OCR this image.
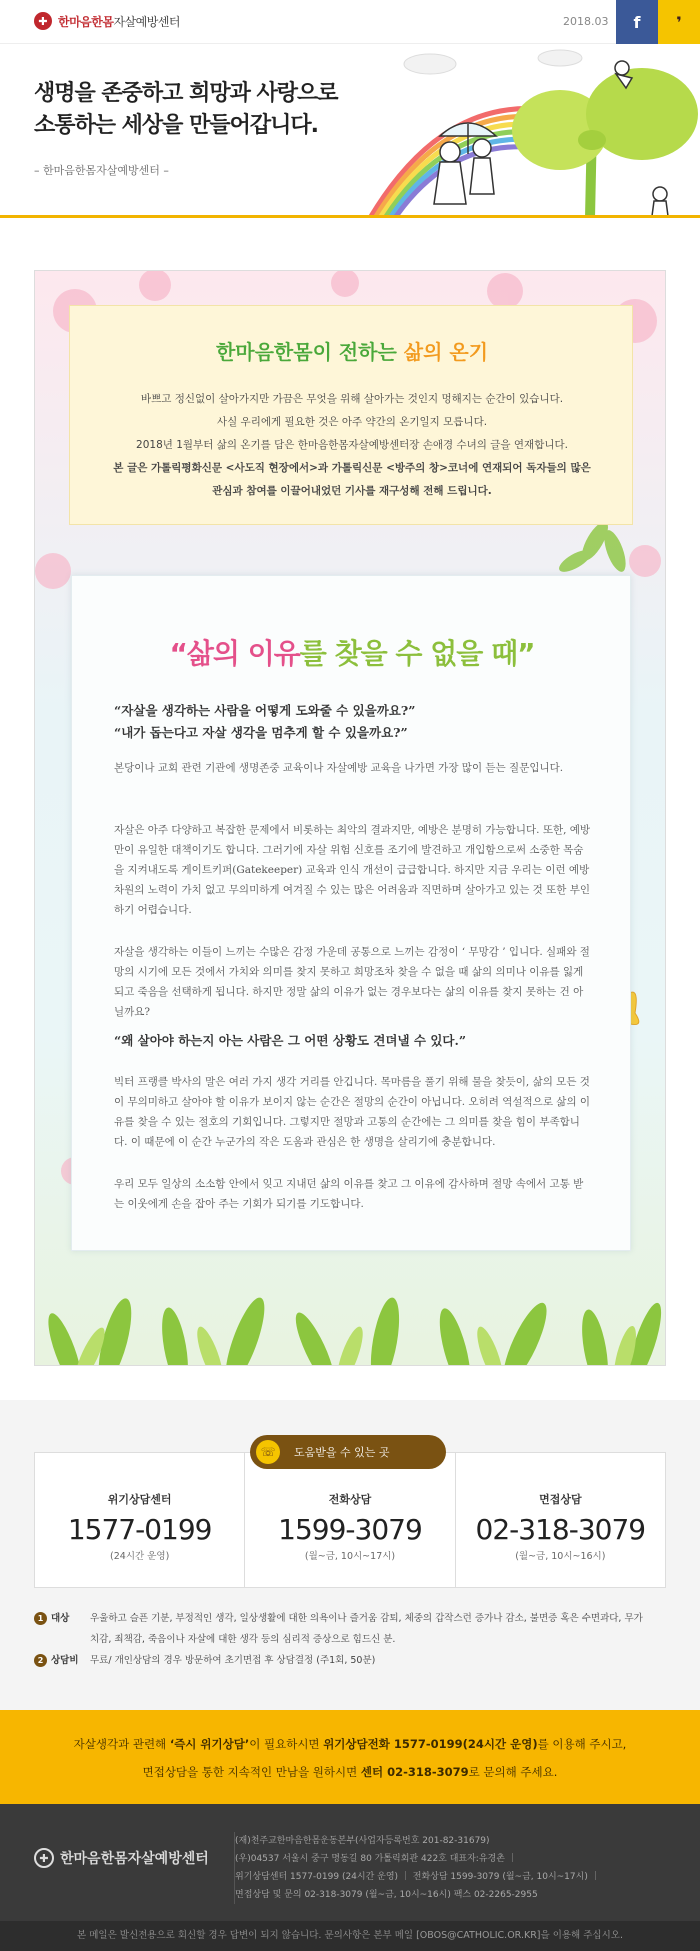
✚ 한마음한몸자살예방센터	2018.03 f ❜
생명을 존중하고 희망과 사랑으로
소통하는 세상을 만들어갑니다.
– 한마음한몸자살예방센터 –
한마음한몸이 전하는 삶의 온기
바쁘고 정신없이 살아가지만 가끔은 무엇을 위해 살아가는 것인지 멍해지는 순간이 있습니다.
사실 우리에게 필요한 것은 아주 약간의 온기일지 모릅니다.
2018년 1월부터 삶의 온기를 담은 한마음한몸자살예방센터장 손애경 수녀의 글을 연재합니다.
본 글은 가톨릭평화신문 <사도직 현장에서>과 가톨릭신문 <방주의 창>코너에 연재되어 독자들의 많은
관심과 참여를 이끌어내었던 기사를 재구성해 전해 드립니다.
“삶의 이유를 찾을 수 없을 때”
“자살을 생각하는 사람을 어떻게 도와줄 수 있을까요?”
“내가 돕는다고 자살 생각을 멈추게 할 수 있을까요?”
본당이나 교회 관련 기관에 생명존중 교육이나 자살예방 교육을 나가면 가장 많이 듣는 질문입니다.
자살은 아주 다양하고 복잡한 문제에서 비롯하는 최악의 결과지만, 예방은 분명히 가능합니다. 또한, 예방만이 유일한 대책이기도 합니다. 그러기에 자살 위험 신호를 조기에 발견하고 개입함으로써 소중한 목숨을 지켜내도록 게이트키퍼(Gatekeeper) 교육과 인식 개선이 급급합니다. 하지만 지금 우리는 이런 예방 차원의 노력이 가치 없고 무의미하게 여겨질 수 있는 많은 어려움과 직면하며 살아가고 있는 것 또한 부인하기 어렵습니다.
자살을 생각하는 이들이 느끼는 수많은 감정 가운데 공통으로 느끼는 감정이 ‘ 무망감 ’ 입니다. 실패와 절망의 시기에 모든 것에서 가치와 의미를 찾지 못하고 희망조차 찾을 수 없을 때 삶의 의미나 이유를 잃게 되고 죽음을 선택하게 됩니다. 하지만 정말 삶의 이유가 없는 경우보다는 삶의 이유를 찾지 못하는 건 아닐까요?
“왜 살아야 하는지 아는 사람은 그 어떤 상황도 견뎌낼 수 있다.”
빅터 프랭클 박사의 말은 여러 가지 생각 거리를 안깁니다. 목마름을 풀기 위해 물을 찾듯이, 삶의 모든 것이 무의미하고 살아야 할 이유가 보이지 않는 순간은 절망의 순간이 아닙니다. 오히려 역설적으로 삶의 이유를 찾을 수 있는 절호의 기회입니다. 그렇지만 절망과 고통의 순간에는 그 의미를 찾을 힘이 부족합니다. 이 때문에 이 순간 누군가의 작은 도움과 관심은 한 생명을 살리기에 충분합니다.
우리 모두 일상의 소소함 안에서 잊고 지내던 삶의 이유를 찾고 그 이유에 감사하며 절망 속에서 고통 받는 이웃에게 손을 잡아 주는 기회가 되기를 기도합니다.
위기상담센터
1577-0199
(24시간 운영)
전화상담
1599-3079
(월~금, 10시~17시)
면접상담
02-318-3079
(월~금, 10시~16시)
☏	도움받을 수 있는 곳
1 대상 우울하고 슬픈 기분, 부정적인 생각, 일상생활에 대한 의욕이나 즐거움 감퇴, 체중의 갑작스런 증가나 감소, 불면증 혹은 수면과다, 무가치감, 죄책감, 죽음이나 자살에 대한 생각 등의 심리적 증상으로 힘드신 분.
2 상담비 무료/ 개인상담의 경우 방문하여 초기면접 후 상담결정 (주1회, 50분)
자살생각과 관련해 ‘즉시 위기상담’이 필요하시면 위기상담전화 1577-0199(24시간 운영)를 이용해 주시고,
면접상담을 통한 지속적인 만남을 원하시면 센터 02-318-3079로 문의해 주세요.
✚ 한마음한몸자살예방센터
(재)천주교한마음한몸운동본부(사업자등록번호 201-82-31679)
(우)04537 서울시 중구 명동길 80 가톨릭회관 422호 대표자:유경촌 ｜
위기상담센터 1577-0199 (24시간 운영) ｜ 전화상담 1599-3079 (월~금, 10시~17시) ｜
면접상담 및 문의 02-318-3079 (월~금, 10시~16시) 팩스 02-2265-2955
본 메일은 발신전용으로 회신할 경우 답변이 되지 않습니다. 문의사항은 본부 메일 [OBOS@CATHOLIC.OR.KR]을 이용해 주십시오.
